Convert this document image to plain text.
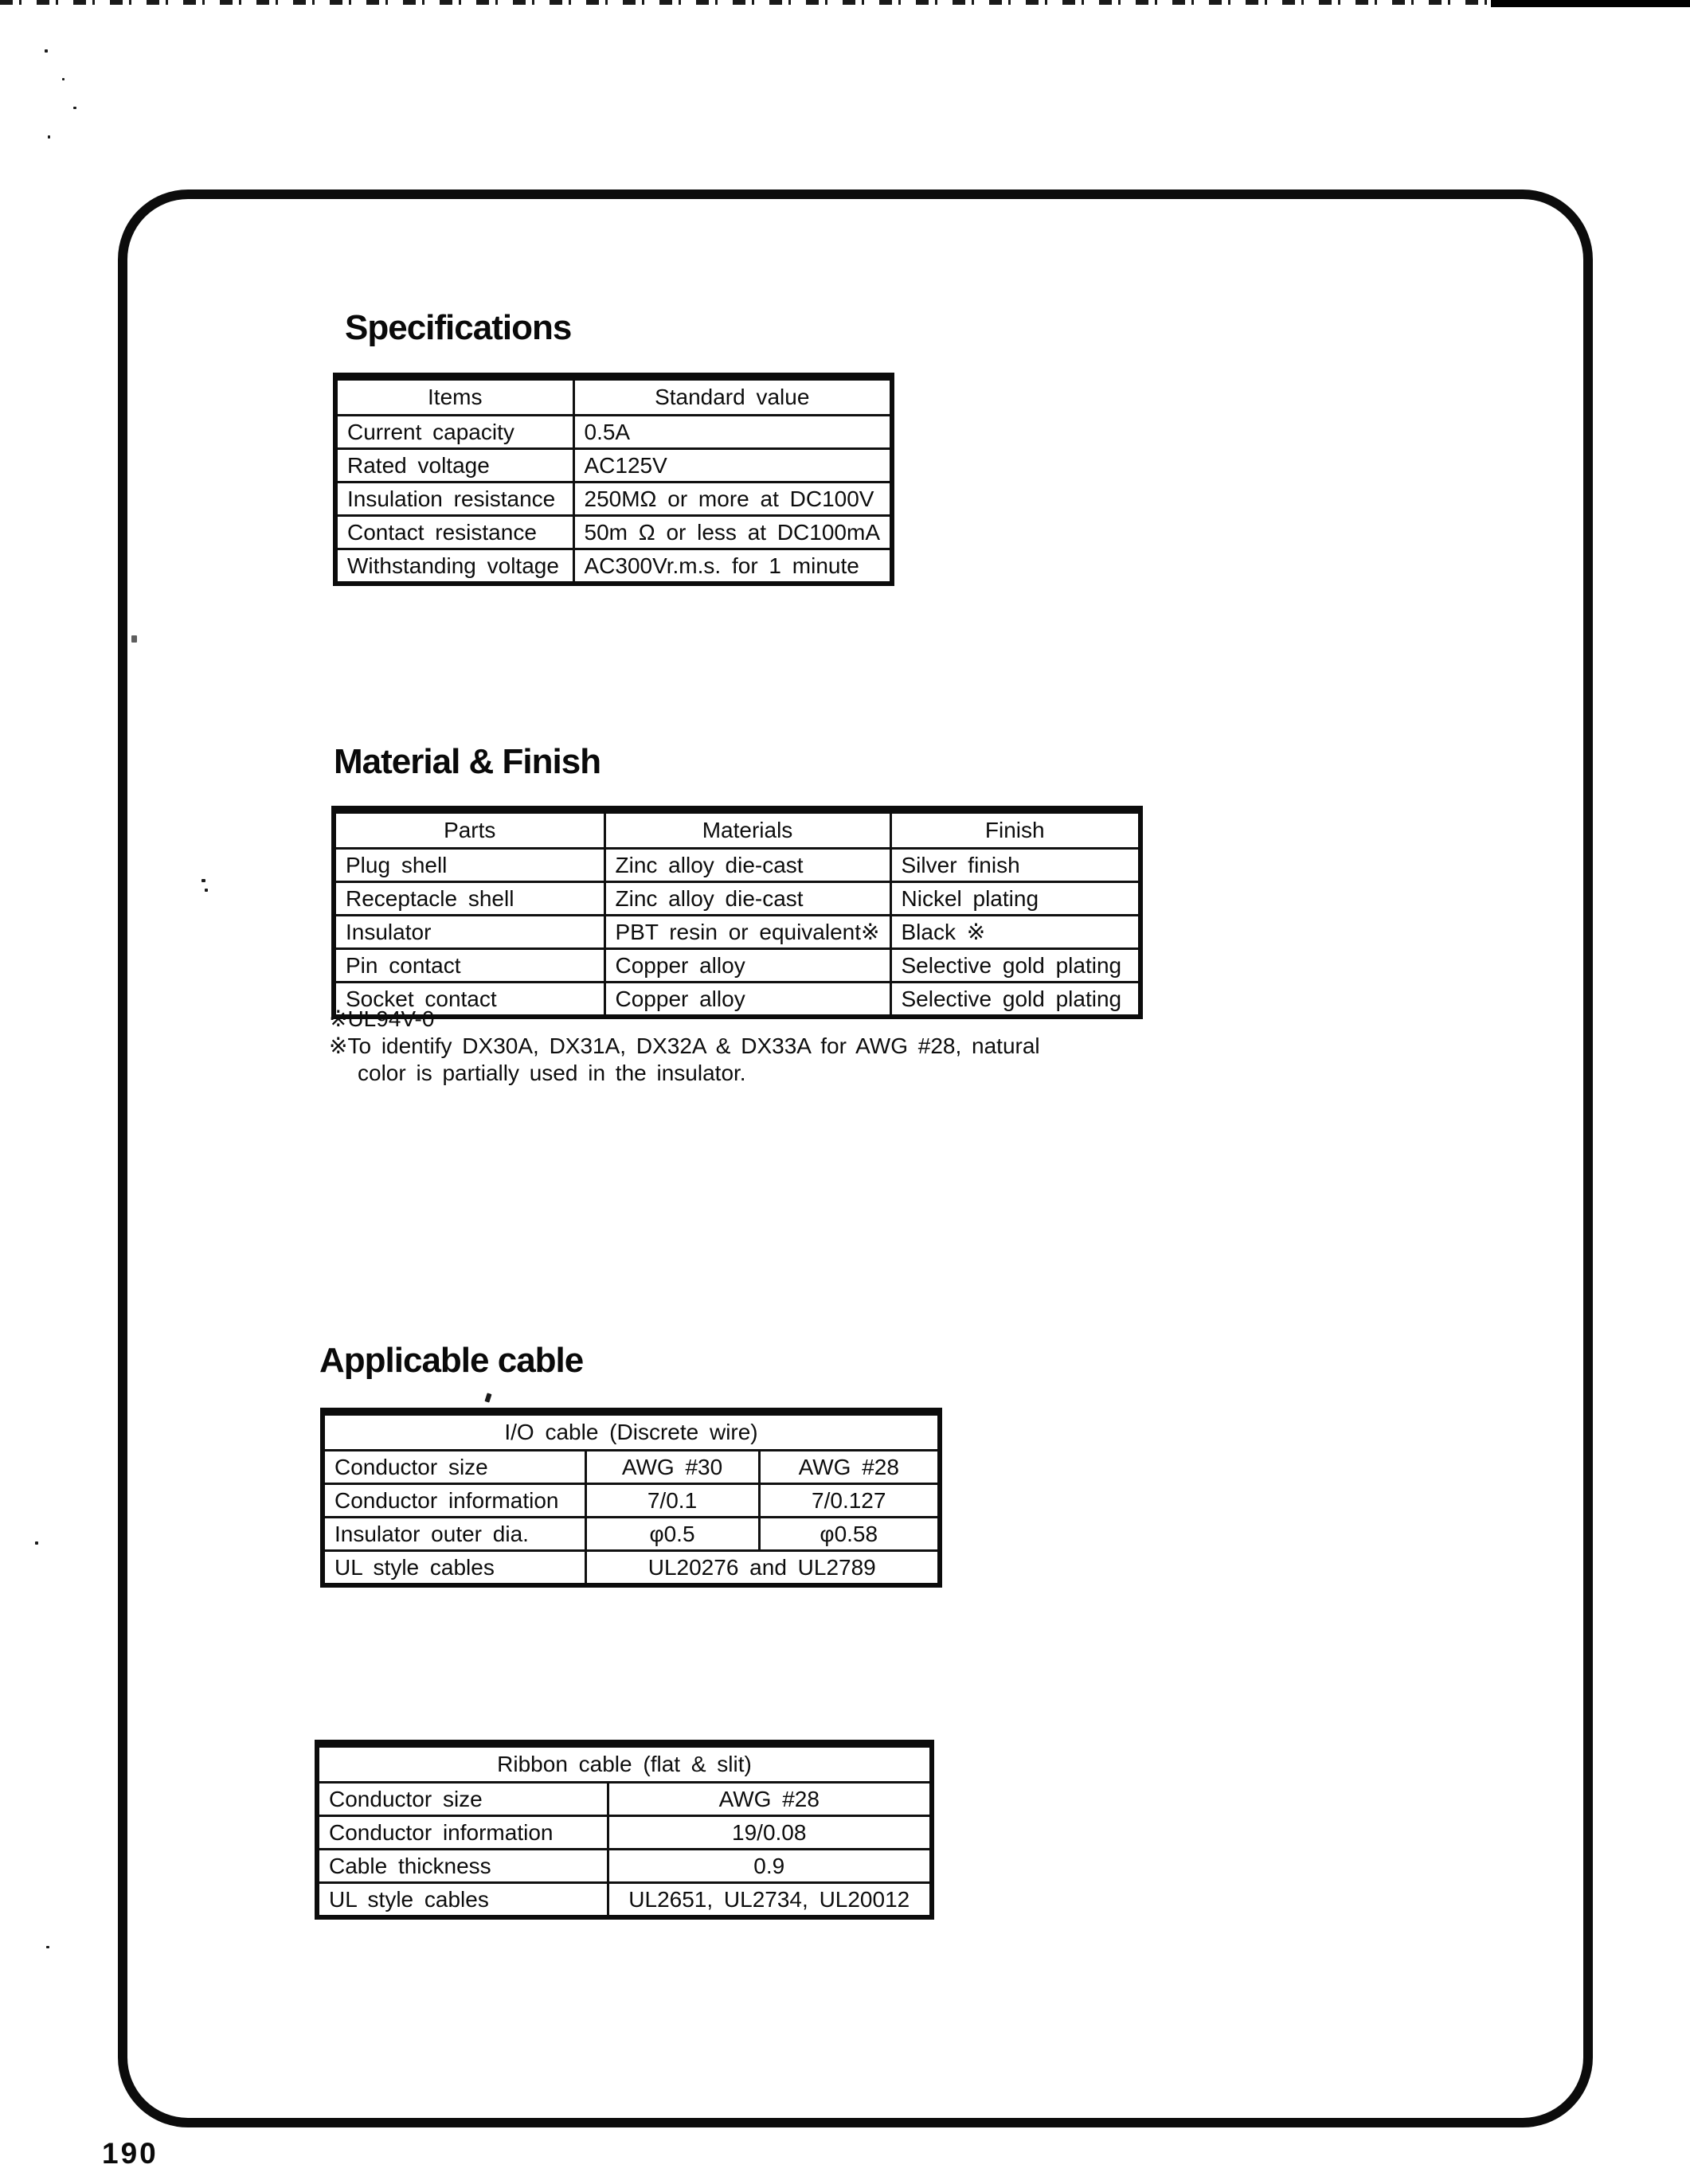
Specifications
Items	Standard value
Current capacity	0.5A
Rated voltage	AC125V
Insulation resistance	250MΩ or more at DC100V
Contact resistance	50m Ω or less at DC100mA
Withstanding voltage	AC300Vr.m.s. for 1 minute
Material & Finish
Parts	Materials	Finish
Plug shell	Zinc alloy die-cast	Silver finish
Receptacle shell	Zinc alloy die-cast	Nickel plating
Insulator	PBT resin or equivalent※	Black ※
Pin contact	Copper alloy	Selective gold plating
Socket contact	Copper alloy	Selective gold plating
※UL94V-0
※To identify DX30A, DX31A, DX32A & DX33A for AWG #28, natural
color is partially used in the insulator.
Applicable cable
I/O cable (Discrete wire)		
Conductor size	AWG #30	AWG #28
Conductor information	7/0.1	7/0.127
Insulator outer dia.	φ0.5	φ0.58
UL style cables	UL20276 and UL2789	
Ribbon cable (flat & slit)	
Conductor size	AWG #28
Conductor information	19/0.08
Cable thickness	0.9
UL style cables	UL2651, UL2734, UL20012
190
